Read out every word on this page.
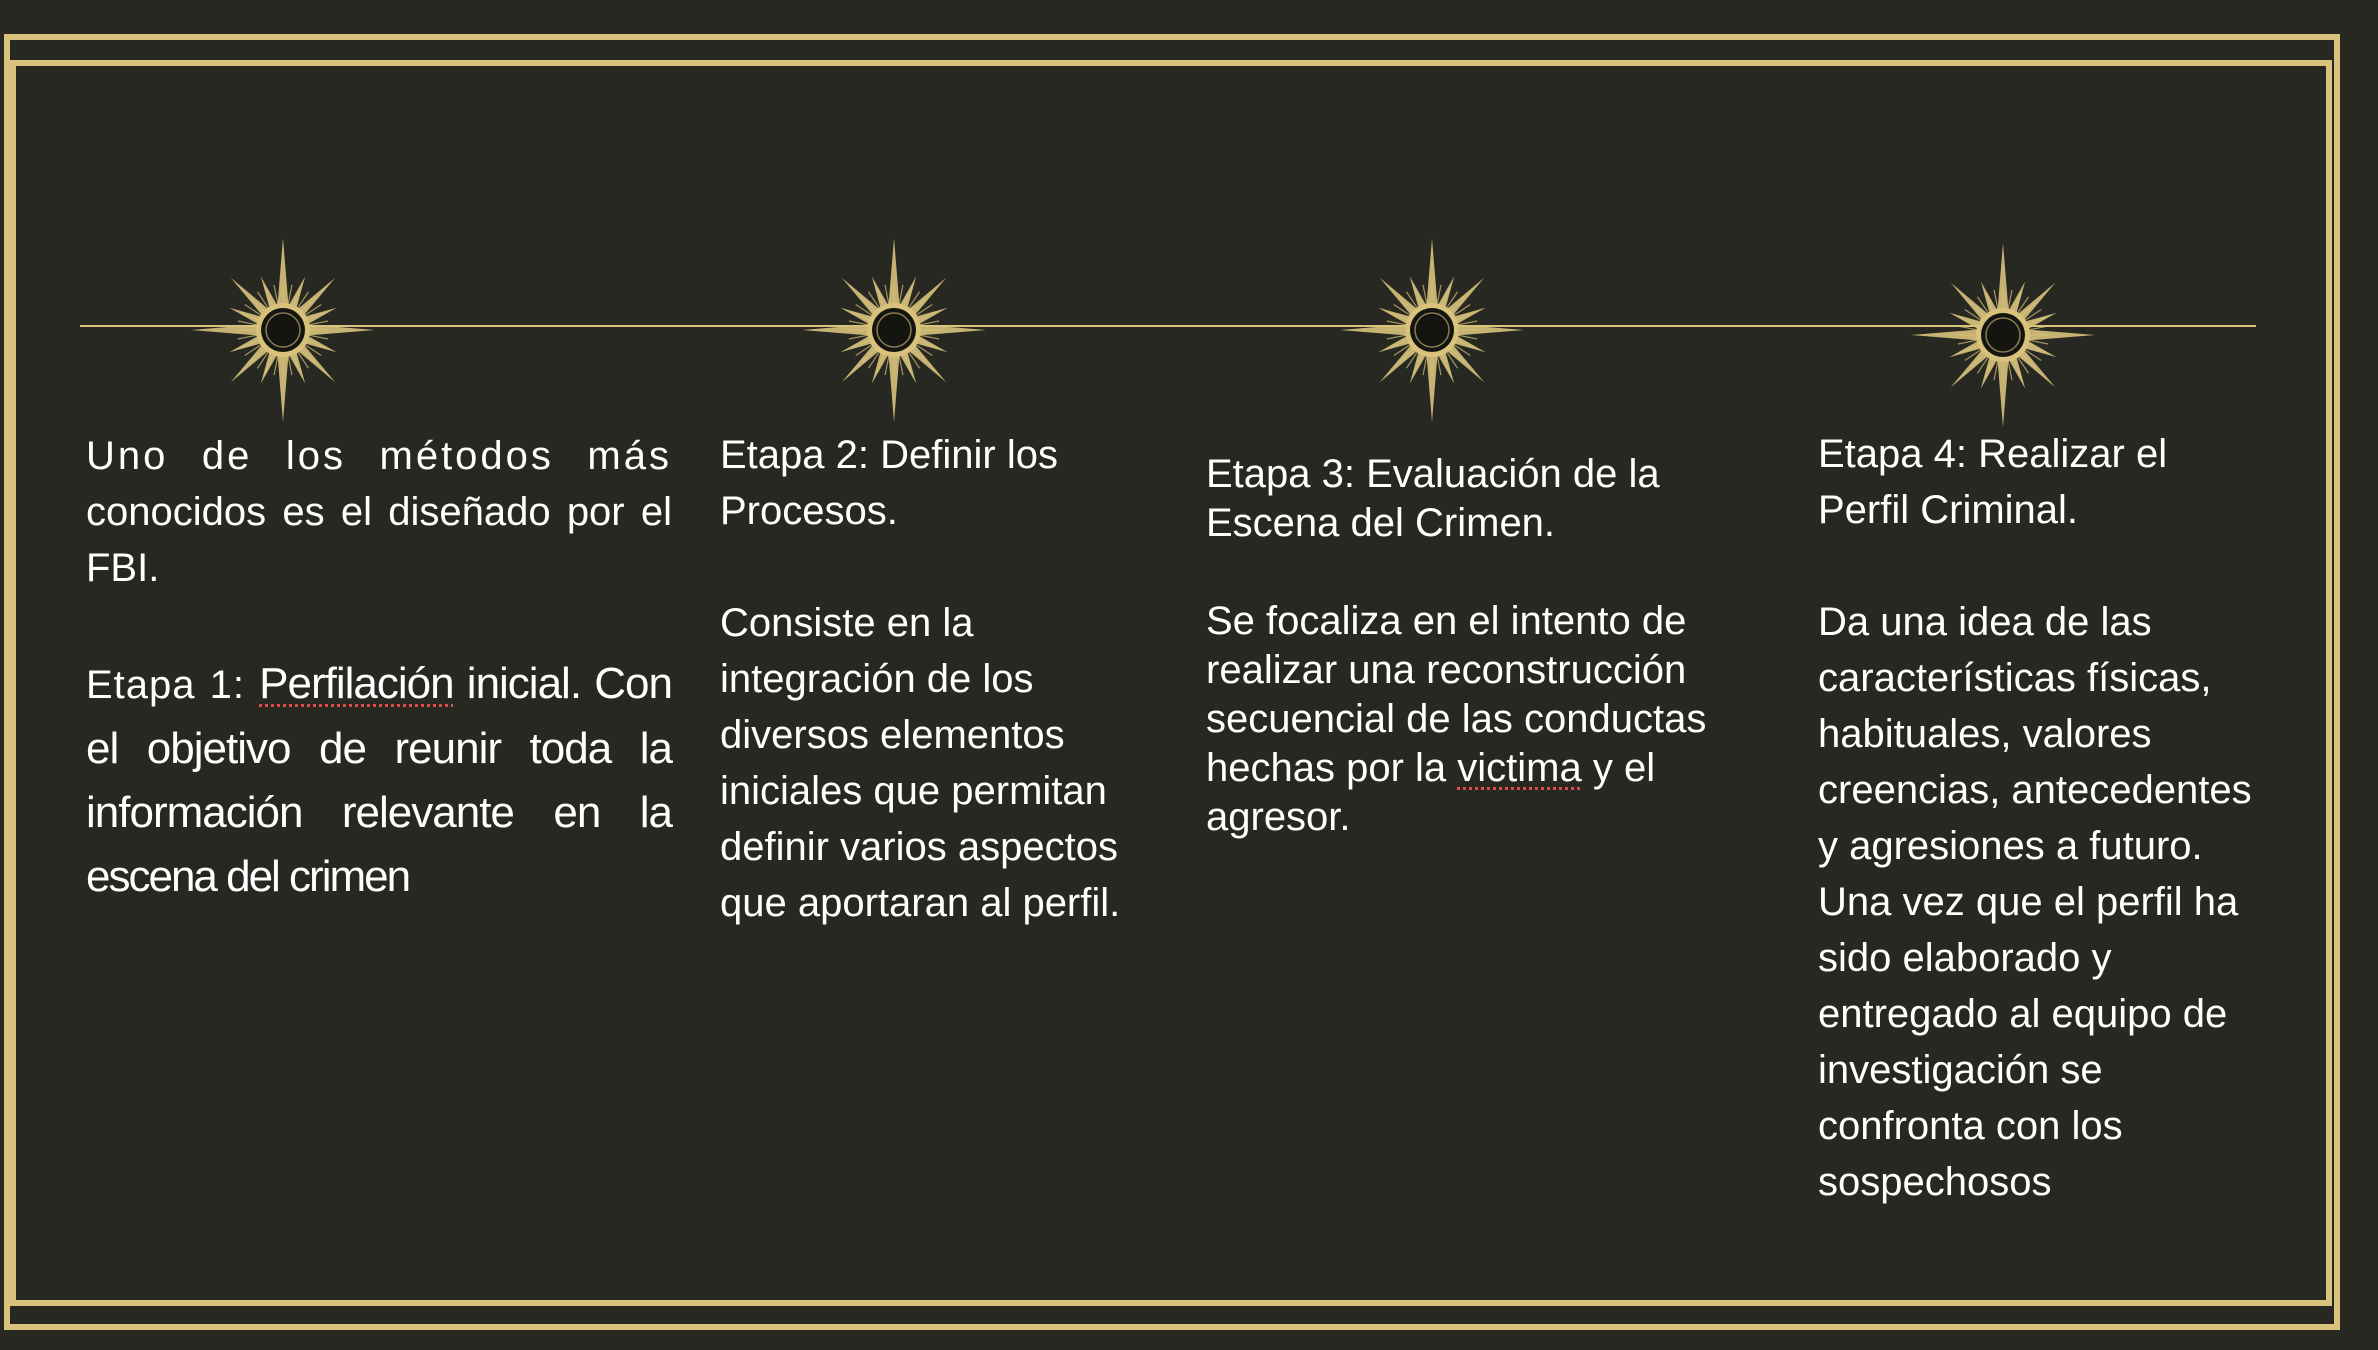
Uno de los métodos más

conocidos es el diseñado por el

FBI.

Etapa 1: Perfilación inicial. Con

el objetivo de reunir toda la

información relevante en la

escena del crimen

Etapa 2: Definir los

Procesos.

Consiste en la

integración de los

diversos elementos

iniciales que permitan

definir varios aspectos

que aportaran al perfil.

Etapa 3: Evaluación de la

Escena del Crimen.

Se focaliza en el intento de

realizar una reconstrucción

secuencial de las conductas

hechas por la victima y el

agresor.

Etapa 4: Realizar el

Perfil Criminal.

Da una idea de las

características físicas,

habituales, valores

creencias, antecedentes

y agresiones a futuro.

Una vez que el perfil ha

sido elaborado y

entregado al equipo de

investigación se

confronta con los

sospechosos
